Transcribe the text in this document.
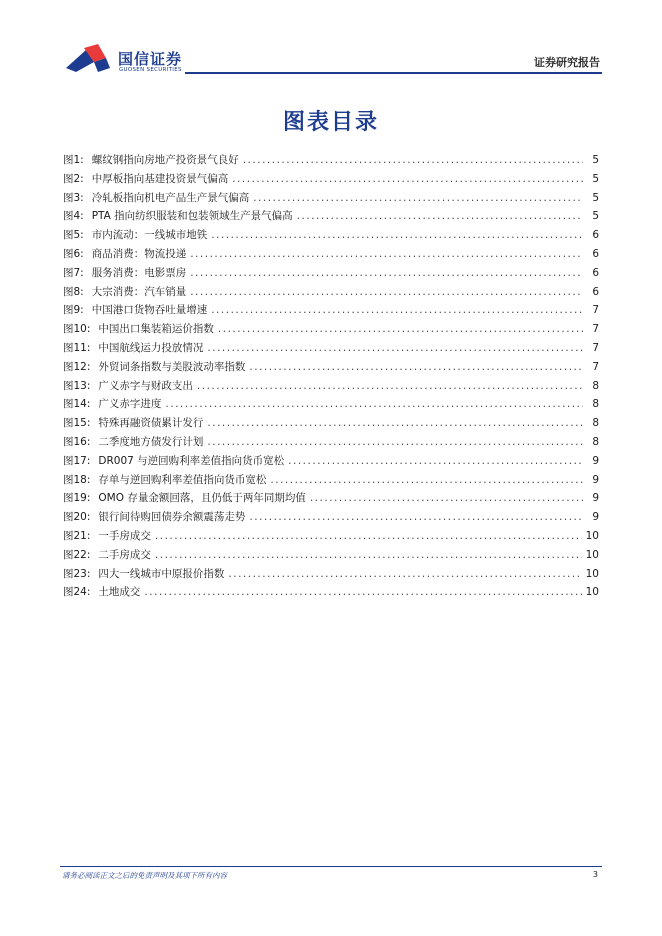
国信证券
GUOSEN SECURITIES
证券研究报告
图表目录
图1: 螺纹钢指向房地产投资景气良好 .....	5
图2: 中厚板指向基建投资景气偏高 .....	5
图3: 冷轧板指向机电产品生产景气偏高 .....	5
图4: PTA 指向纺织服装和包装领域生产景气偏高 .....	5
图5: 市内流动：一线城市地铁 .....	6
图6: 商品消费：物流投递 .....	6
图7: 服务消费：电影票房 .....	6
图8: 大宗消费：汽车销量 .....	6
图9: 中国港口货物吞吐量增速 .....	7
图10: 中国出口集装箱运价指数 .....	7
图11: 中国航线运力投放情况 .....	7
图12: 外贸词条指数与美股波动率指数 .....	7
图13: 广义赤字与财政支出 .....	8
图14: 广义赤字进度 .....	8
图15: 特殊再融资债累计发行 .....	8
图16: 二季度地方债发行计划 .....	8
图17: DR007 与逆回购利率差值指向货币宽松 .....	9
图18: 存单与逆回购利率差值指向货币宽松 .....	9
图19: OMO 存量金额回落，且仍低于两年同期均值 .....	9
图20: 银行间待购回债券余额震荡走势 .....	9
图21: 一手房成交 .....	10
图22: 二手房成交 .....	10
图23: 四大一线城市中原报价指数 .....	10
图24: 土地成交 .....	10
请务必阅读正文之后的免责声明及其项下所有内容	3
